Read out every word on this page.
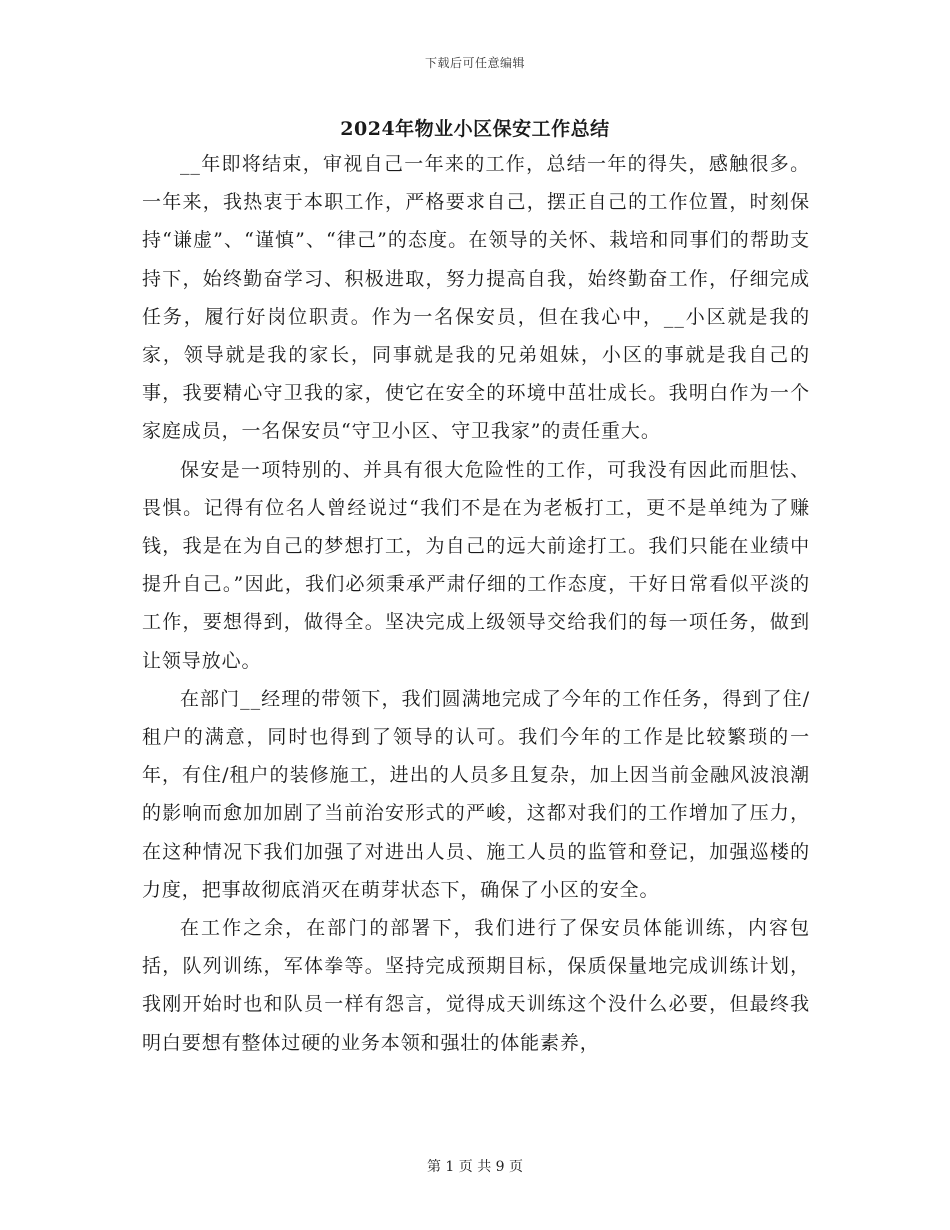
下载后可任意编辑
2024年物业小区保安工作总结

__年即将结束，审视自己一年来的工作，总结一年的得失，感触很多。一年来，我热衷于本职工作，严格要求自己，摆正自己的工作位置，时刻保持“谦虚”、“谨慎”、“律己”的态度。在领导的关怀、栽培和同事们的帮助支持下，始终勤奋学习、积极进取，努力提高自我，始终勤奋工作，仔细完成任务，履行好岗位职责。作为一名保安员，但在我心中，__小区就是我的家，领导就是我的家长，同事就是我的兄弟姐妹，小区的事就是我自己的事，我要精心守卫我的家，使它在安全的环境中茁壮成长。我明白作为一个家庭成员，一名保安员“守卫小区、守卫我家”的责任重大。

保安是一项特别的、并具有很大危险性的工作，可我没有因此而胆怯、畏惧。记得有位名人曾经说过“我们不是在为老板打工，更不是单纯为了赚钱，我是在为自己的梦想打工，为自己的远大前途打工。我们只能在业绩中提升自己。”因此，我们必须秉承严肃仔细的工作态度，干好日常看似平淡的工作，要想得到，做得全。坚决完成上级领导交给我们的每一项任务，做到让领导放心。

在部门__经理的带领下，我们圆满地完成了今年的工作任务，得到了住/租户的满意，同时也得到了领导的认可。我们今年的工作是比较繁琐的一年，有住/租户的装修施工，进出的人员多且复杂，加上因当前金融风波浪潮的影响而愈加加剧了当前治安形式的严峻，这都对我们的工作增加了压力，在这种情况下我们加强了对进出人员、施工人员的监管和登记，加强巡楼的力度，把事故彻底消灭在萌芽状态下，确保了小区的安全。

在工作之余，在部门的部署下，我们进行了保安员体能训练，内容包括，队列训练，军体拳等。坚持完成预期目标，保质保量地完成训练计划，我刚开始时也和队员一样有怨言，觉得成天训练这个没什么必要，但最终我明白要想有整体过硬的业务本领和强壮的体能素养，

第 1 页 共 9 页
